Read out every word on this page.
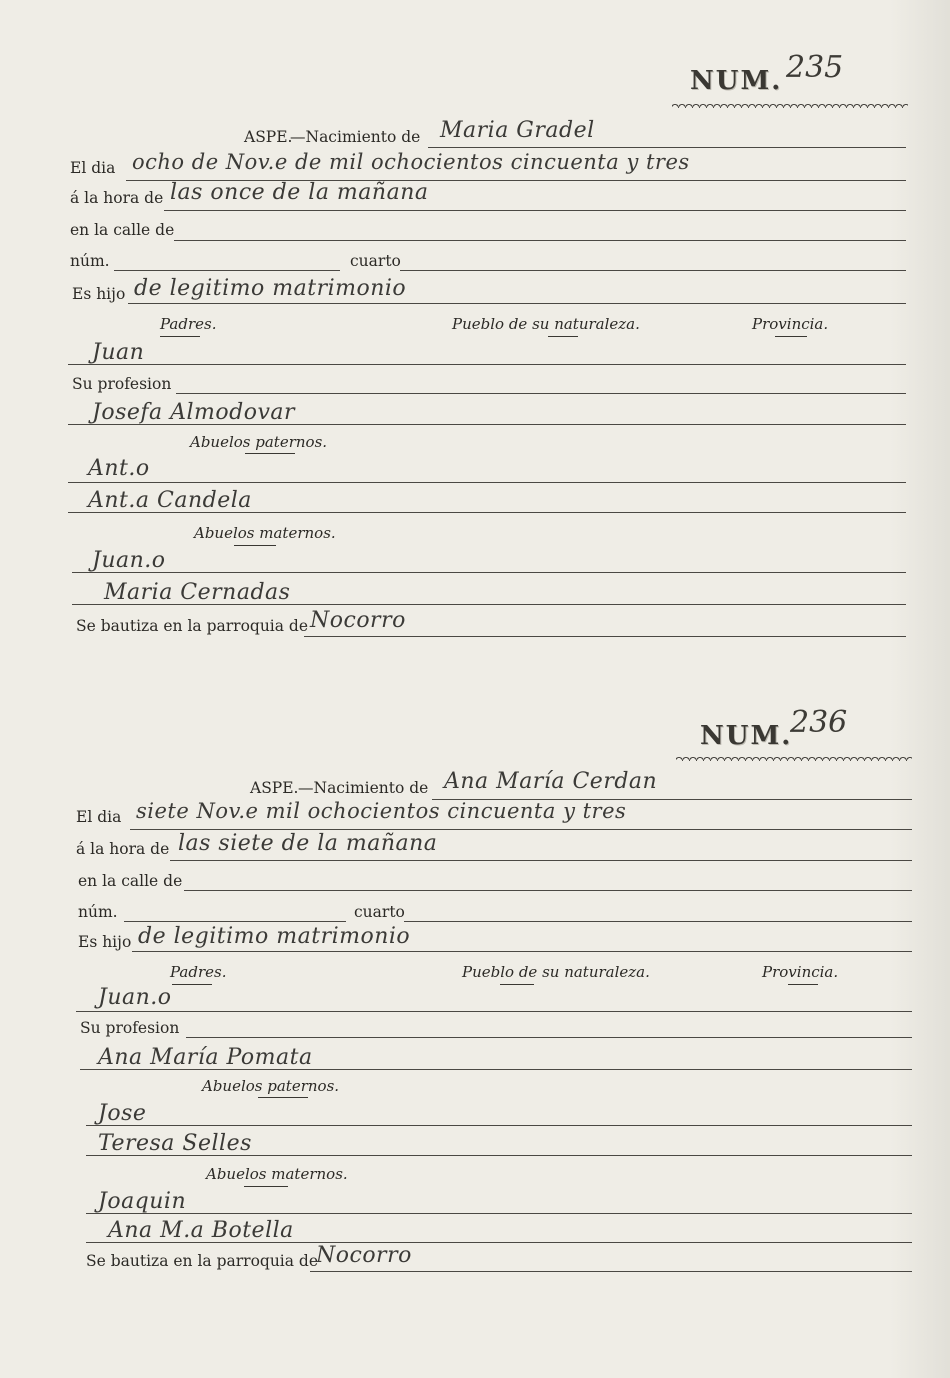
NUM. 235
ASPE.
—Nacimiento de Maria Gradel
El dia ocho de Nov.e de mil ochocientos cincuenta y tres
á la hora de las once de la mañana
en la calle de
núm.	cuarto
Es hijo de legitimo matrimonio
Padres.	Pueblo de su naturaleza.	Provincia.
Juan
Su profesion
Josefa Almodovar
Abuelos paternos.
Ant.o
Ant.a Candela
Abuelos maternos.
Juan.o
Maria Cernadas
Se bautiza en la parroquia de Nocorro
NUM.
236
ASPE. —Nacimiento de Ana María Cerdan
El dia siete Nov.e mil ochocientos cincuenta y tres
á la hora de las siete de la mañana
en la calle de
núm.	cuarto
Es hijo de legitimo matrimonio
Padres.	Pueblo de su naturaleza.	Provincia.
Juan.o
Su profesion
Ana María Pomata
Abuelos paternos.
Jose
Teresa Selles
Abuelos maternos.
Joaquin
Ana M.a Botella
Se bautiza en la parroquia de
Nocorro
